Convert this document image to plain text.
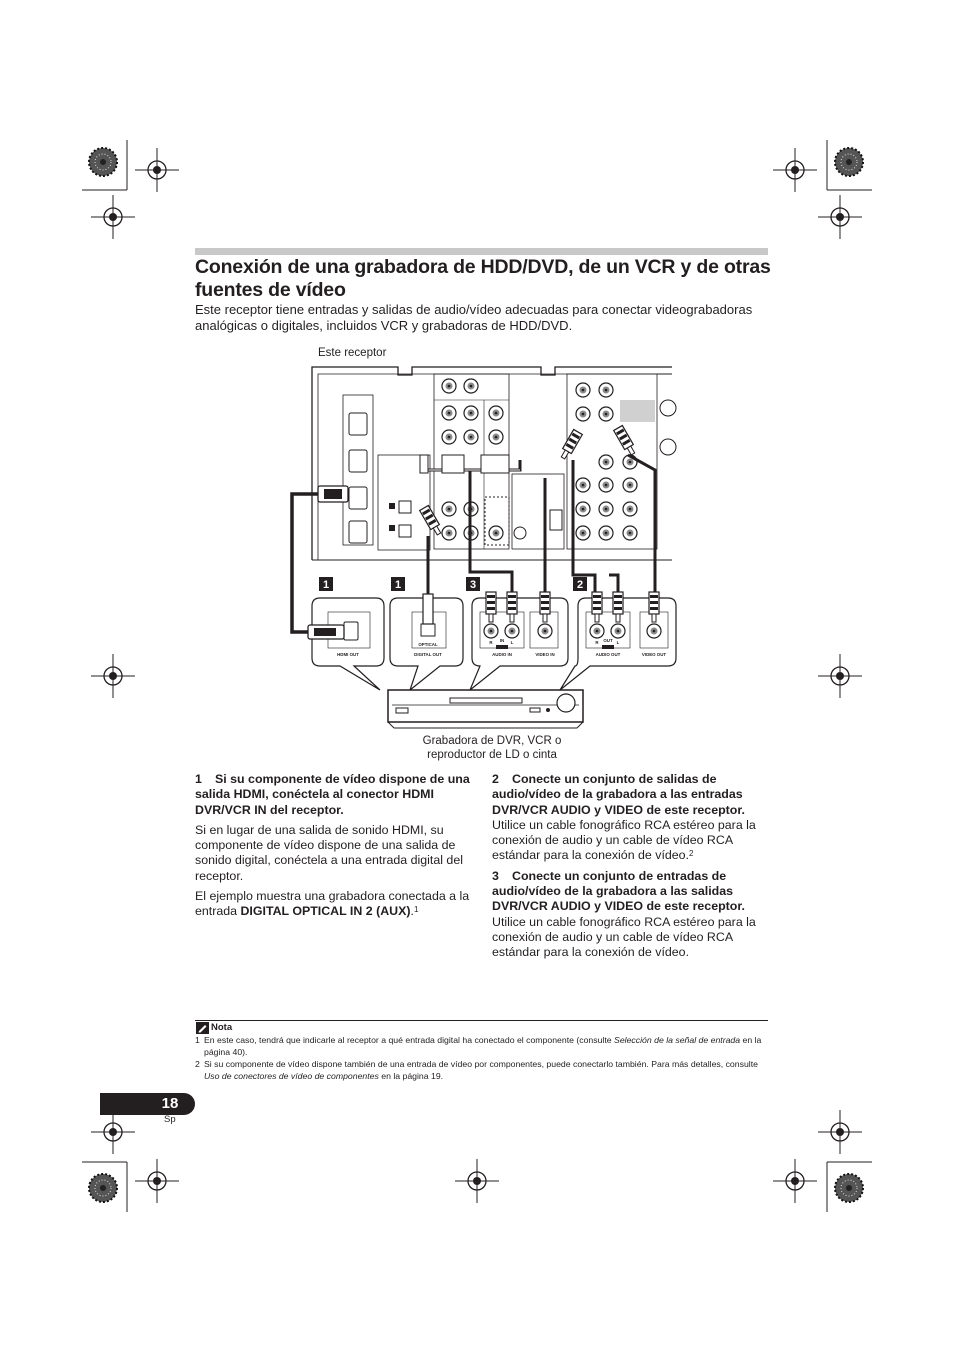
Conexión de una grabadora de HDD/DVD, de un VCR y de otras fuentes de vídeo
Este receptor tiene entradas y salidas de audio/vídeo adecuadas para conectar videograbadoras analógicas o digitales, incluidos VCR y grabadoras de HDD/DVD.
Este receptor
1	1	3	2
HDMI OUT
OPTICAL
DIGITAL OUT
R IN L
AUDIO IN	VIDEO IN
R OUT L
AUDIO OUT	VIDEO OUT
Grabadora de DVR, VCR o
reproductor de LD o cinta

1 Si su componente de vídeo dispone de una salida HDMI, conéctela al conector HDMI DVR/VCR IN del receptor.

Si en lugar de una salida de sonido HDMI, su componente de vídeo dispone de una salida de sonido digital, conéctela a una entrada digital del receptor.

El ejemplo muestra una grabadora conectada a la entrada DIGITAL OPTICAL IN 2 (AUX).$^1$

2 Conecte un conjunto de salidas de audio/vídeo de la grabadora a las entradas DVR/VCR AUDIO y VIDEO de este receptor.

Utilice un cable fonográfico RCA estéreo para la conexión de audio y un cable de vídeo RCA estándar para la conexión de vídeo.$^2$

3 Conecte un conjunto de entradas de audio/vídeo de la grabadora a las salidas DVR/VCR AUDIO y VIDEO de este receptor.

Utilice un cable fonográfico RCA estéreo para la conexión de audio y un cable de vídeo RCA estándar para la conexión de vídeo.

Nota
1 En este caso, tendrá que indicarle al receptor a qué entrada digital ha conectado el componente (consulte Selección de la señal de entrada en la página 40).
2 Si su componente de vídeo dispone también de una entrada de vídeo por componentes, puede conectarlo también. Para más detalles, consulte Uso de conectores de vídeo de componentes en la página 19.
18
Sp
